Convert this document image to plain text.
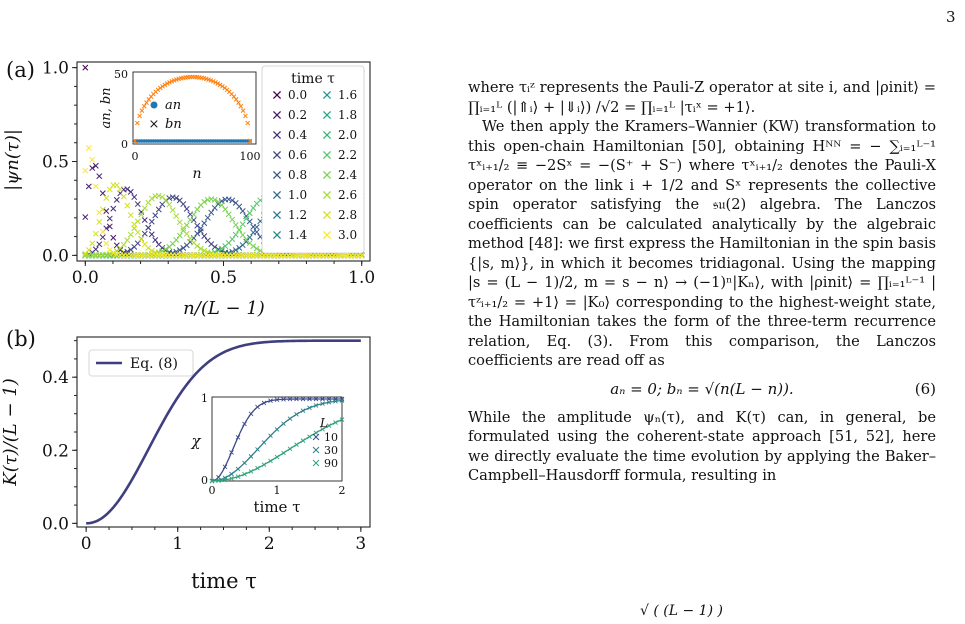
3
(a)
0.0
0.0
0.5
0.5
1.0
1.0
|ψn(τ)|
n/(L − 1)
0	100
0
50
an, bn
n
an
× bn
time τ
0.0
0.2
0.4
0.6
0.8
1.0
1.2
1.4
1.6
1.8
2.0
2.2
2.4
2.6
2.8
3.0
(b)
0	1	2	3
0.0
0.2
0.4
K(τ)/(L − 1)
time τ
Eq. (8)
0	1	2
0
1
χ
time τ
L
10
30
90

where τᵢᶻ represents the Pauli-Z operator at site i, and |ρinit⟩ = ∏ᵢ₌₁ᴸ (|⇑ᵢ⟩ + |⇓ᵢ⟩) /√2 = ∏ᵢ₌₁ᴸ |τᵢˣ = +1⟩.

We then apply the Kramers–Wannier (KW) transformation to this open-chain Hamiltonian [50], obtaining Hᴺᴺ = − ∑ᵢ₌₁ᴸ⁻¹ τˣᵢ₊₁/₂ ≡ −2Sˣ = −(S⁺ + S⁻) where τˣᵢ₊₁/₂ denotes the Pauli-X operator on the link i + 1/2 and Sˣ represents the collective spin operator satisfying the 𝔰𝔲(2) algebra. The Lanczos coefficients can be calculated analytically by the algebraic method [48]: we first express the Hamiltonian in the spin basis {|s, m⟩}, in which it becomes tridiagonal. Using the mapping |s = (L − 1)/2, m = s − n⟩ → (−1)ⁿ|Kₙ⟩, with |ρinit⟩ = ∏ᵢ₌₁ᴸ⁻¹ |τᶻᵢ₊₁/₂ = +1⟩ = |K₀⟩ corresponding to the highest-weight state, the Hamiltonian takes the form of the three-term recurrence relation, Eq. (3). From this comparison, the Lanczos coefficients are read off as

aₙ = 0; bₙ = √(n(L − n)).	(6)

While the amplitude ψₙ(τ), and K(τ) can, in general, be formulated using the coherent-state approach [51, 52], here we directly evaluate the time evolution by applying the Baker–Campbell–Hausdorff formula, resulting in

√ ( (L − 1) )
